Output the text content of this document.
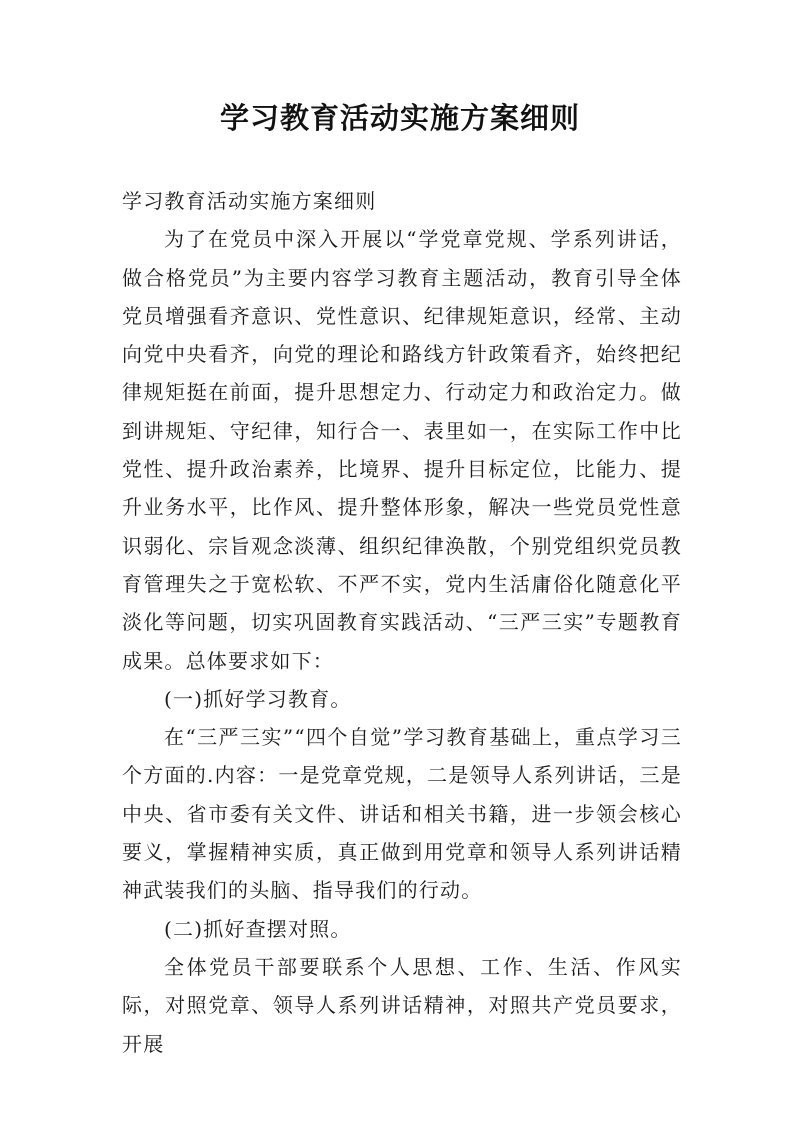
学习教育活动实施方案细则

学习教育活动实施方案细则

为了在党员中深入开展以“学党章党规、学系列讲话，做合格党员”为主要内容学习教育主题活动，教育引导全体党员增强看齐意识、党性意识、纪律规矩意识，经常、主动向党中央看齐，向党的理论和路线方针政策看齐，始终把纪律规矩挺在前面，提升思想定力、行动定力和政治定力。做到讲规矩、守纪律，知行合一、表里如一，在实际工作中比党性、提升政治素养，比境界、提升目标定位，比能力、提升业务水平，比作风、提升整体形象，解决一些党员党性意识弱化、宗旨观念淡薄、组织纪律涣散，个别党组织党员教育管理失之于宽松软、不严不实，党内生活庸俗化随意化平淡化等问题，切实巩固教育实践活动、“三严三实”专题教育成果。总体要求如下：

(一)抓好学习教育。

在“三严三实”“四个自觉”学习教育基础上，重点学习三个方面的.内容：一是党章党规，二是领导人系列讲话，三是中央、省市委有关文件、讲话和相关书籍，进一步领会核心要义，掌握精神实质，真正做到用党章和领导人系列讲话精神武装我们的头脑、指导我们的行动。

(二)抓好查摆对照。

全体党员干部要联系个人思想、工作、生活、作风实际，对照党章、领导人系列讲话精神，对照共产党员要求，开展
